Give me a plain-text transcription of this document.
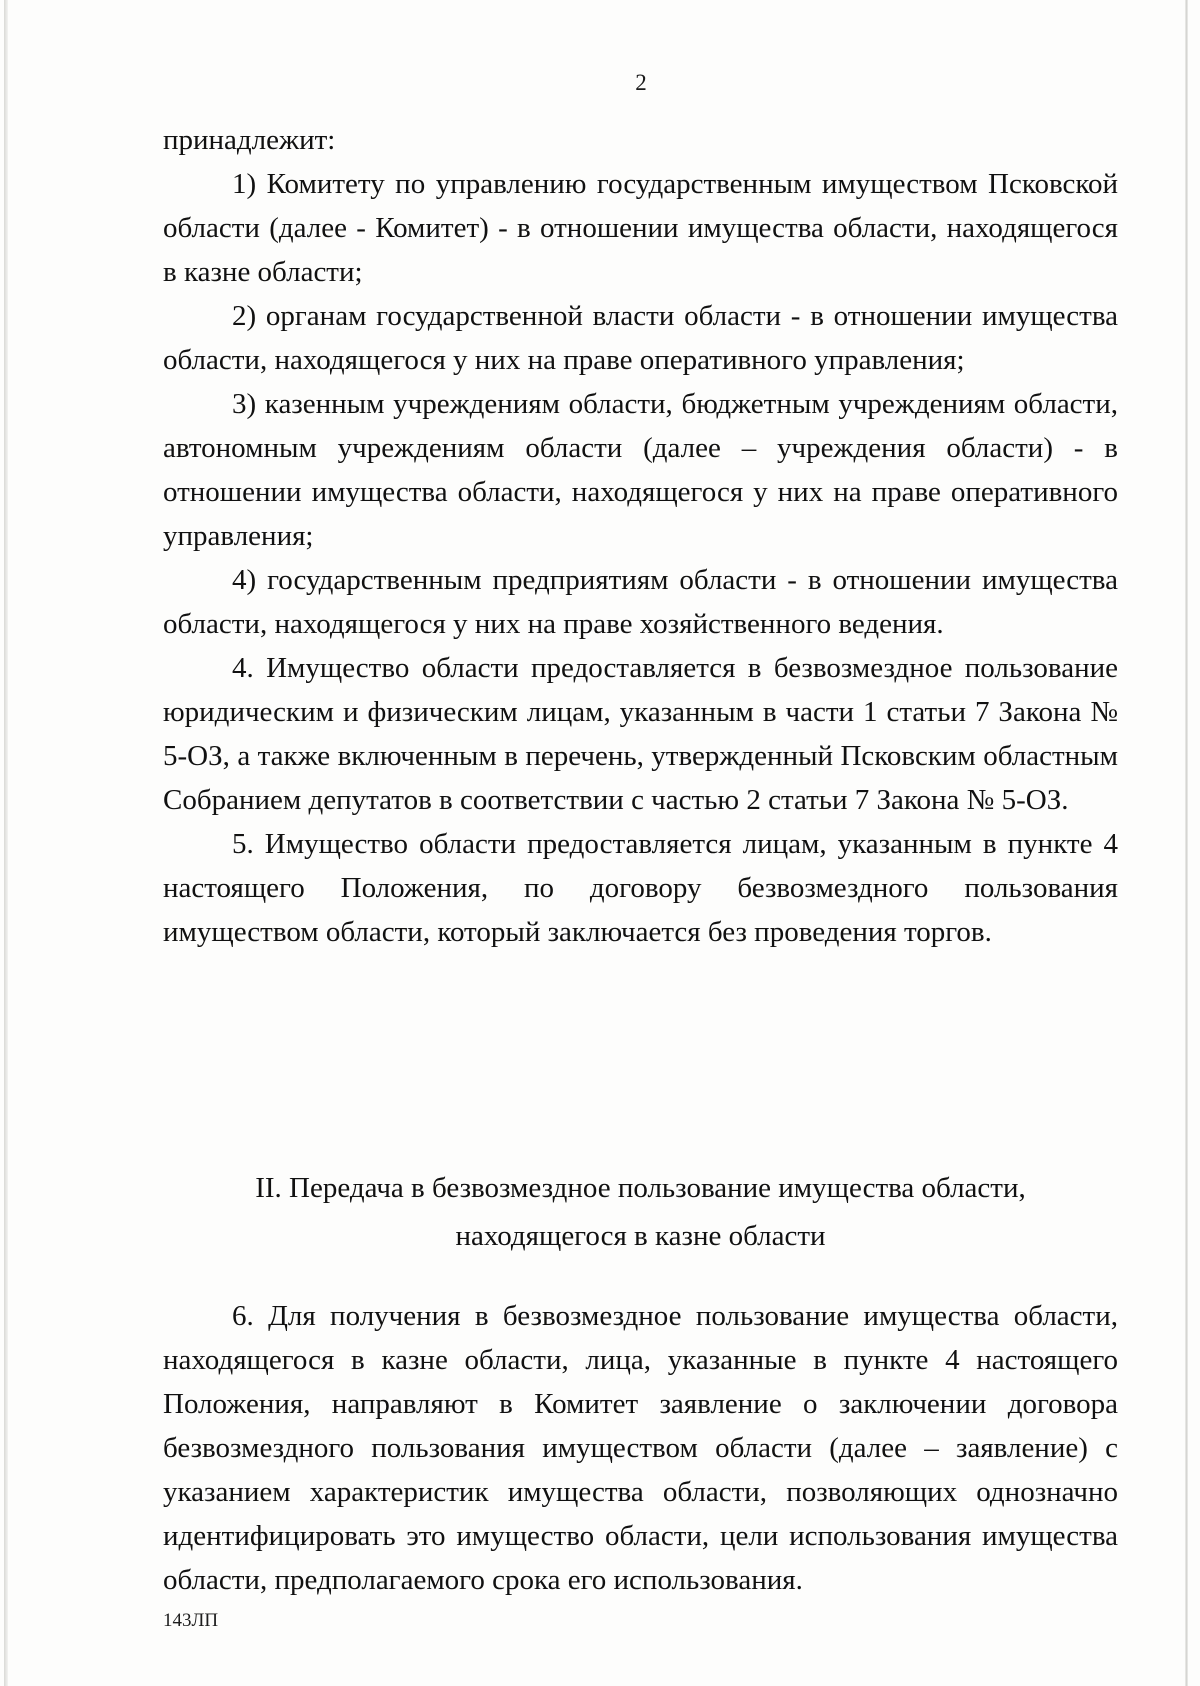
2

принадлежит:

1) Комитету по управлению государственным имуществом Псковской области (далее - Комитет) - в отношении имущества области, находящегося в казне области;

2) органам государственной власти области - в отношении имущества области, находящегося у них на праве оперативного управления;

3) казенным учреждениям области, бюджетным учреждениям области, автономным учреждениям области (далее – учреждения области) - в отношении имущества области, находящегося у них на праве оперативного управления;

4) государственным предприятиям области - в отношении имущества области, находящегося у них на праве хозяйственного ведения.

4. Имущество области предоставляется в безвозмездное пользование юридическим и физическим лицам, указанным в части 1 статьи 7 Закона № 5-ОЗ, а также включенным в перечень, утвержденный Псковским областным Собранием депутатов в соответствии с частью 2 статьи 7 Закона № 5-ОЗ.

5. Имущество области предоставляется лицам, указанным в пункте 4 настоящего Положения, по договору безвозмездного пользования имуществом области, который заключается без проведения торгов.

II. Передача в безвозмездное пользование имущества области,
находящегося в казне области

6. Для получения в безвозмездное пользование имущества области, находящегося в казне области, лица, указанные в пункте 4 настоящего Положения, направляют в Комитет заявление о заключении договора безвозмездного пользования имуществом области (далее – заявление) с указанием характеристик имущества области, позволяющих однозначно идентифицировать это имущество области, цели использования имущества области, предполагаемого срока его использования.

143ЛП
